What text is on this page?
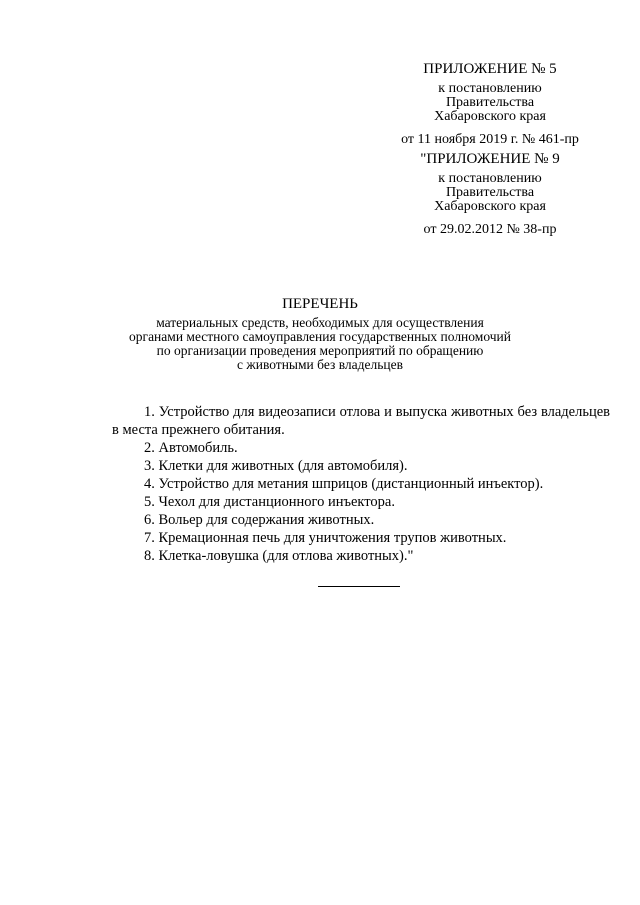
ПРИЛОЖЕНИЕ № 5
к постановлению
Правительства
Хабаровского края
от 11 ноября 2019 г. № 461-пр
"ПРИЛОЖЕНИЕ № 9
к постановлению
Правительства
Хабаровского края
от 29.02.2012 № 38-пр
ПЕРЕЧЕНЬ
материальных средств, необходимых для осуществления
органами местного самоуправления государственных полномочий
по организации проведения мероприятий по обращению
с животными без владельцев
1. Устройство для видеозаписи отлова и выпуска животных без владельцев в места прежнего обитания.
2. Автомобиль.
3. Клетки для животных (для автомобиля).
4. Устройство для метания шприцов (дистанционный инъектор).
5. Чехол для дистанционного инъектора.
6. Вольер для содержания животных.
7. Кремационная печь для уничтожения трупов животных.
8. Клетка-ловушка (для отлова животных)."
